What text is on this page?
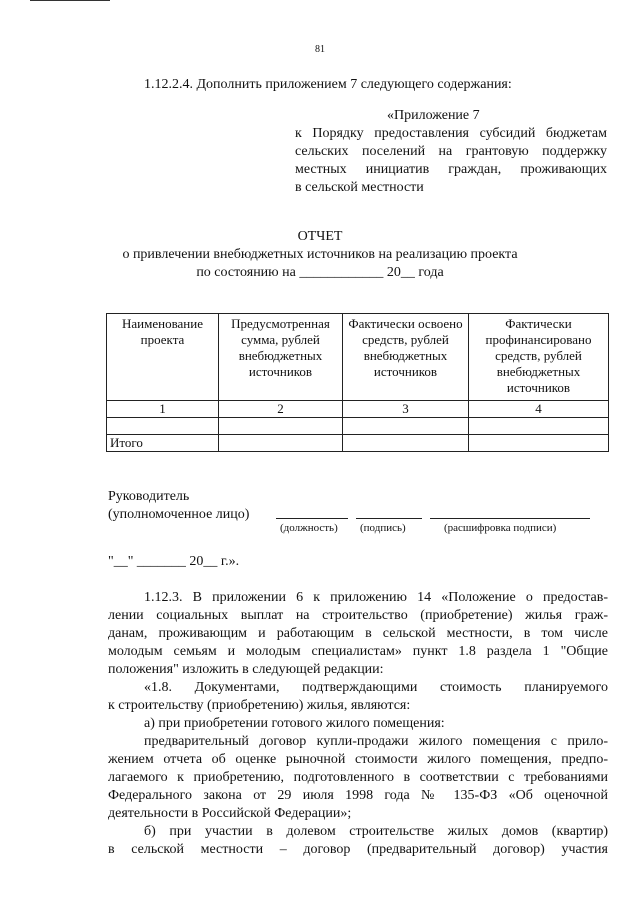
81
1.12.2.4. Дополнить приложением 7 следующего содержания:
«Приложение 7
к Порядку предоставления субсидий бюджетам
сельских поселений на грантовую поддержку
местных инициатив граждан, проживающих
в сельской местности
ОТЧЕТ
о привлечении внебюджетных источников на реализацию проекта
по состоянию на ____________ 20__ года
Наименование проекта	Предусмотренная сумма, рублей внебюджетных источников	Фактически освоено средств, рублей внебюджетных источников	Фактически профинансировано средств, рублей внебюджетных источников
1	2	3	4

Итого			
Руководитель
(уполномоченное лицо)
(должность) (подпись)	(расшифровка подписи)
"__" _______ 20__ г.».
1.12.3. В приложении 6 к приложению 14 «Положение о предостав-
лении социальных выплат на строительство (приобретение) жилья граж-
данам, проживающим и работающим в сельской местности, в том числе
молодым семьям и молодым специалистам» пункт 1.8 раздела 1 "Общие
положения" изложить в следующей редакции:
«1.8. Документами, подтверждающими стоимость планируемого
к строительству (приобретению) жилья, являются:
а) при приобретении готового жилого помещения:
предварительный договор купли-продажи жилого помещения с прило-
жением отчета об оценке рыночной стоимости жилого помещения, предпо-
лагаемого к приобретению, подготовленного в соответствии с требованиями
Федерального закона от 29 июля 1998 года № 135-ФЗ «Об оценочной
деятельности в Российской Федерации»;
б) при участии в долевом строительстве жилых домов (квартир)
в сельской местности – договор (предварительный договор) участия
